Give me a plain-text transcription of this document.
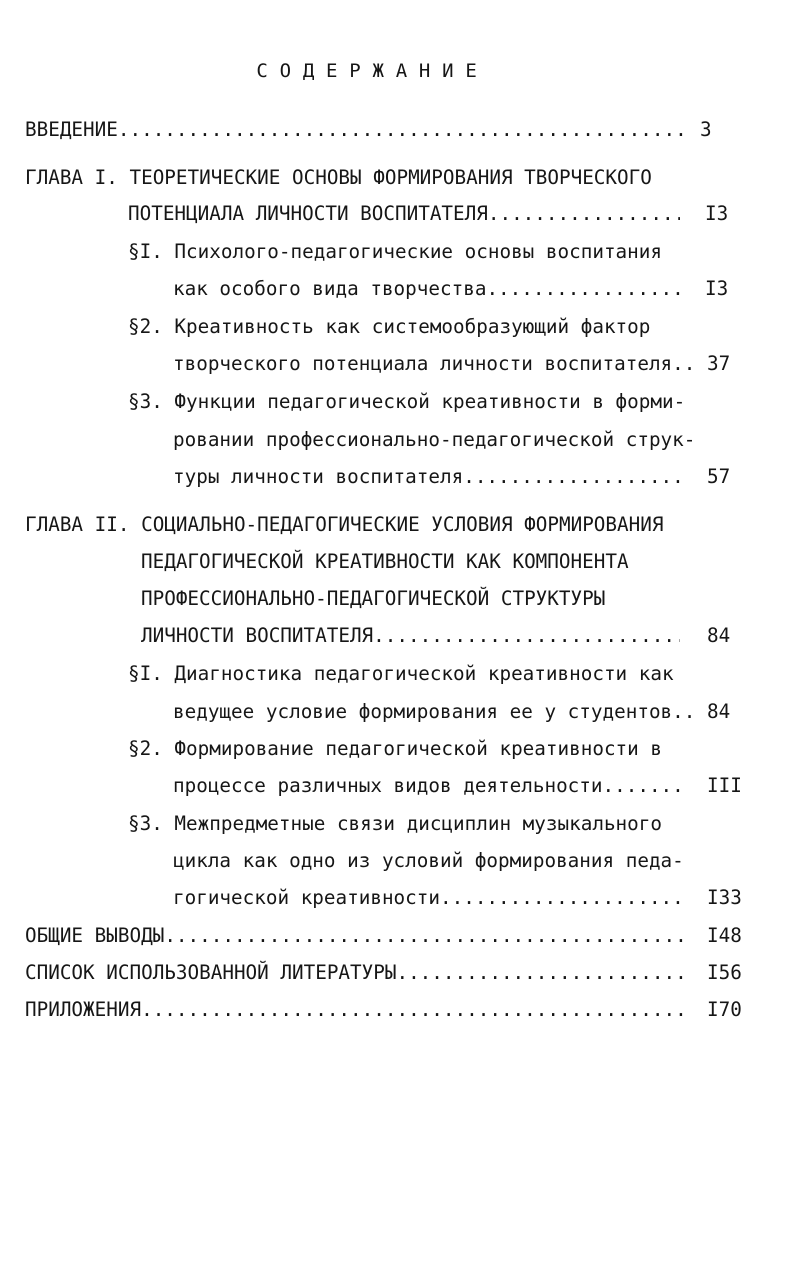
СОДЕРЖАНИЕ
ВВЕДЕНИЕ .....	3
ГЛАВА I. ТЕОРЕТИЧЕСКИЕ ОСНОВЫ ФОРМИРОВАНИЯ ТВОРЧЕСКОГО
ПОТЕНЦИАЛА ЛИЧНОСТИ ВОСПИТАТЕЛЯ .....	I3
§I. Психолого-педагогические основы воспитания
как особого вида творчества .....	I3
§2. Креативность как системообразующий фактор
творческого потенциала личности воспитателя.. 37
§3. Функции педагогической креативности в форми-
ровании профессионально-педагогической струк-
туры личности воспитателя .....	57
ГЛАВА II. СОЦИАЛЬНО-ПЕДАГОГИЧЕСКИЕ УСЛОВИЯ ФОРМИРОВАНИЯ
ПЕДАГОГИЧЕСКОЙ КРЕАТИВНОСТИ КАК КОМПОНЕНТА
ПРОФЕССИОНАЛЬНО-ПЕДАГОГИЧЕСКОЙ СТРУКТУРЫ
ЛИЧНОСТИ ВОСПИТАТЕЛЯ .....	84
§I. Диагностика педагогической креативности как
ведущее условие формирования ее у студентов.. 84
§2. Формирование педагогической креативности в
процессе различных видов деятельности .....	III
§3. Межпредметные связи дисциплин музыкального
цикла как одно из условий формирования педа-
гогической креативности .....	I33
ОБЩИЕ ВЫВОДЫ .....	I48
СПИСОК ИСПОЛЬЗОВАННОЙ ЛИТЕРАТУРЫ .....	I56
ПРИЛОЖЕНИЯ .....	I70
